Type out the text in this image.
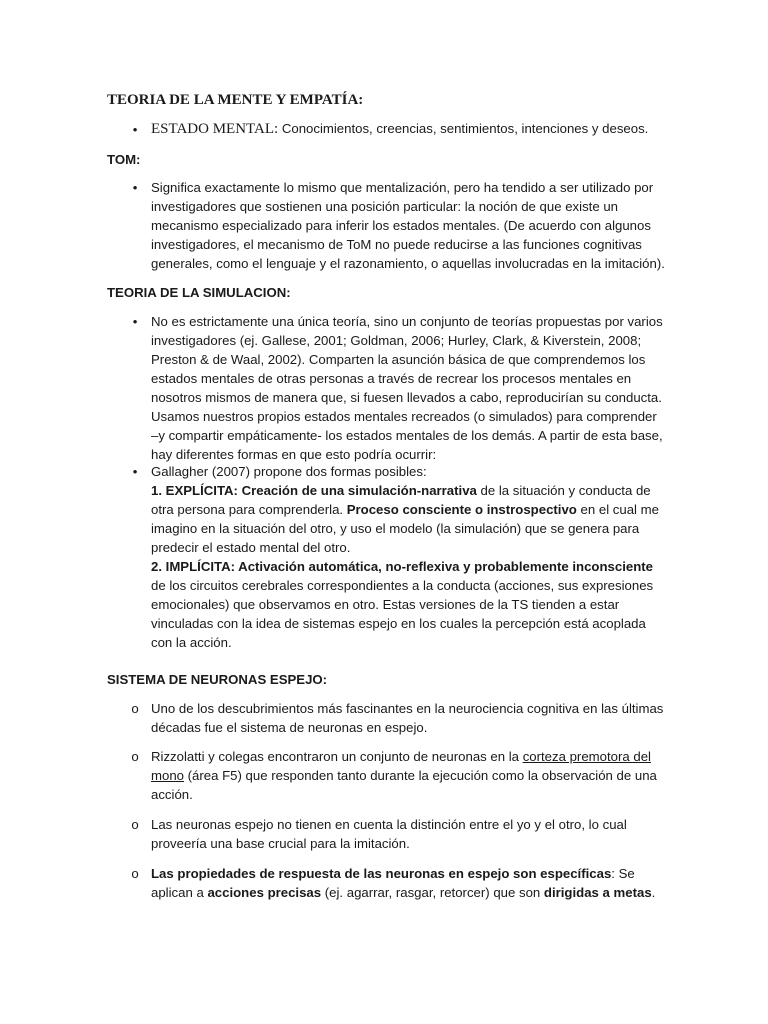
TEORIA DE LA MENTE Y EMPATÍA:
• ESTADO MENTAL: Conocimientos, creencias, sentimientos, intenciones y deseos.
TOM:
•	Significa exactamente lo mismo que mentalización, pero ha tendido a ser utilizado por investigadores que sostienen una posición particular: la noción de que existe un mecanismo especializado para inferir los estados mentales. (De acuerdo con algunos investigadores, el mecanismo de ToM no puede reducirse a las funciones cognitivas generales, como el lenguaje y el razonamiento, o aquellas involucradas en la imitación).
TEORIA DE LA SIMULACION:
•	No es estrictamente una única teoría, sino un conjunto de teorías propuestas por varios investigadores (ej. Gallese, 2001; Goldman, 2006; Hurley, Clark, & Kiverstein, 2008; Preston & de Waal, 2002). Comparten la asunción básica de que comprendemos los estados mentales de otras personas a través de recrear los procesos mentales en nosotros mismos de manera que, si fuesen llevados a cabo, reproducirían su conducta. Usamos nuestros propios estados mentales recreados (o simulados) para comprender –y compartir empáticamente- los estados mentales de los demás. A partir de esta base, hay diferentes formas en que esto podría ocurrir:
•	Gallagher (2007) propone dos formas posibles:
1. EXPLÍCITA: Creación de una simulación-narrativa de la situación y conducta de otra persona para comprenderla. Proceso consciente o instrospectivo en el cual me imagino en la situación del otro, y uso el modelo (la simulación) que se genera para predecir el estado mental del otro.
2. IMPLÍCITA: Activación automática, no-reflexiva y probablemente inconsciente de los circuitos cerebrales correspondientes a la conducta (acciones, sus expresiones emocionales) que observamos en otro. Estas versiones de la TS tienden a estar vinculadas con la idea de sistemas espejo en los cuales la percepción está acoplada con la acción.
SISTEMA DE NEURONAS ESPEJO:
o Uno de los descubrimientos más fascinantes en la neurociencia cognitiva en las últimas décadas fue el sistema de neuronas en espejo.
o Rizzolatti y colegas encontraron un conjunto de neuronas en la corteza premotora del mono (área F5) que responden tanto durante la ejecución como la observación de una acción.
o Las neuronas espejo no tienen en cuenta la distinción entre el yo y el otro, lo cual proveería una base crucial para la imitación.
o Las propiedades de respuesta de las neuronas en espejo son específicas: Se aplican a acciones precisas (ej. agarrar, rasgar, retorcer) que son dirigidas a metas.
